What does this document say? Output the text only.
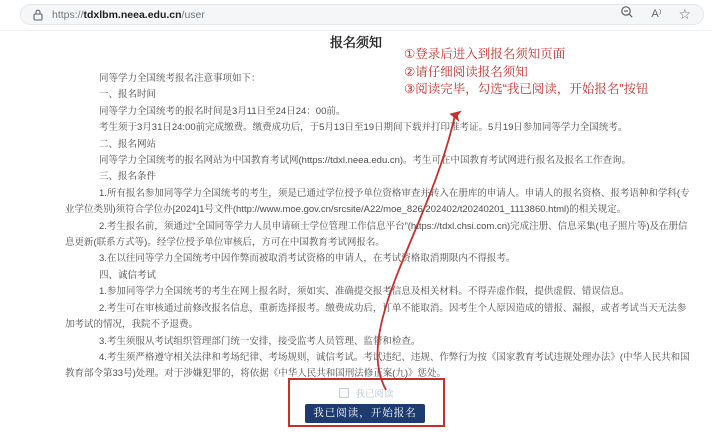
https://tdxlbm.neea.edu.cn/user	A⁾ ☆
报名须知
①登录后进入到报名须知页面
②请仔细阅读报名须知
③阅读完毕，勾选“我已阅读，开始报名”按钮

同等学力全国统考报名注意事项如下：

一、报名时间

同等学力全国统考的报名时间是3月11日至24日24：00前。

考生须于3月31日24:00前完成缴费。缴费成功后，于5月13日至19日期间下载并打印准考证。5月19日参加同等学力全国统考。

二、报名网站

同等学力全国统考的报名网站为中国教育考试网(https://tdxl.neea.edu.cn)。考生可在中国教育考试网进行报名及报名工作查询。

三、报名条件

1.所有报名参加同等学力全国统考的考生，须是已通过学位授予单位资格审查并转入在册库的申请人。申请人的报名资格、报考语种和学科(专业学位类别)须符合学位办[2024]1号文件(http://www.moe.gov.cn/srcsite/A22/moe_826/202402/t20240201_1113860.html)的相关规定。

2.考生报名前，须通过“全国同等学力人员申请硕士学位管理工作信息平台”(https://tdxl.chsi.com.cn)完成注册、信息采集(电子照片等)及在册信息更新(联系方式等)。经学位授予单位审核后，方可在中国教育考试网报名。

3.在以往同等学力全国统考中因作弊而被取消考试资格的申请人，在考试资格取消期限内不得报考。

四、诚信考试

1.参加同等学力全国统考的考生在网上报名时，须如实、准确提交报考信息及相关材料。不得弄虚作假，提供虚假、错误信息。

2.考生可在审核通过前修改报名信息，重新选择报考。缴费成功后，订单不能取消。因考生个人原因造成的错报、漏报，或者考试当天无法参加考试的情况，我院不予退费。

3.考生须服从考试组织管理部门统一安排，接受监考人员管理、监督和检查。

4.考生须严格遵守相关法律和考场纪律、考场规则，诚信考试。考试违纪、违规、作弊行为按《国家教育考试违规处理办法》(中华人民共和国教育部令第33号)处理。对于涉嫌犯罪的，将依据《中华人民共和国刑法修正案(九)》惩处。

我已阅读
我已阅读，开始报名
